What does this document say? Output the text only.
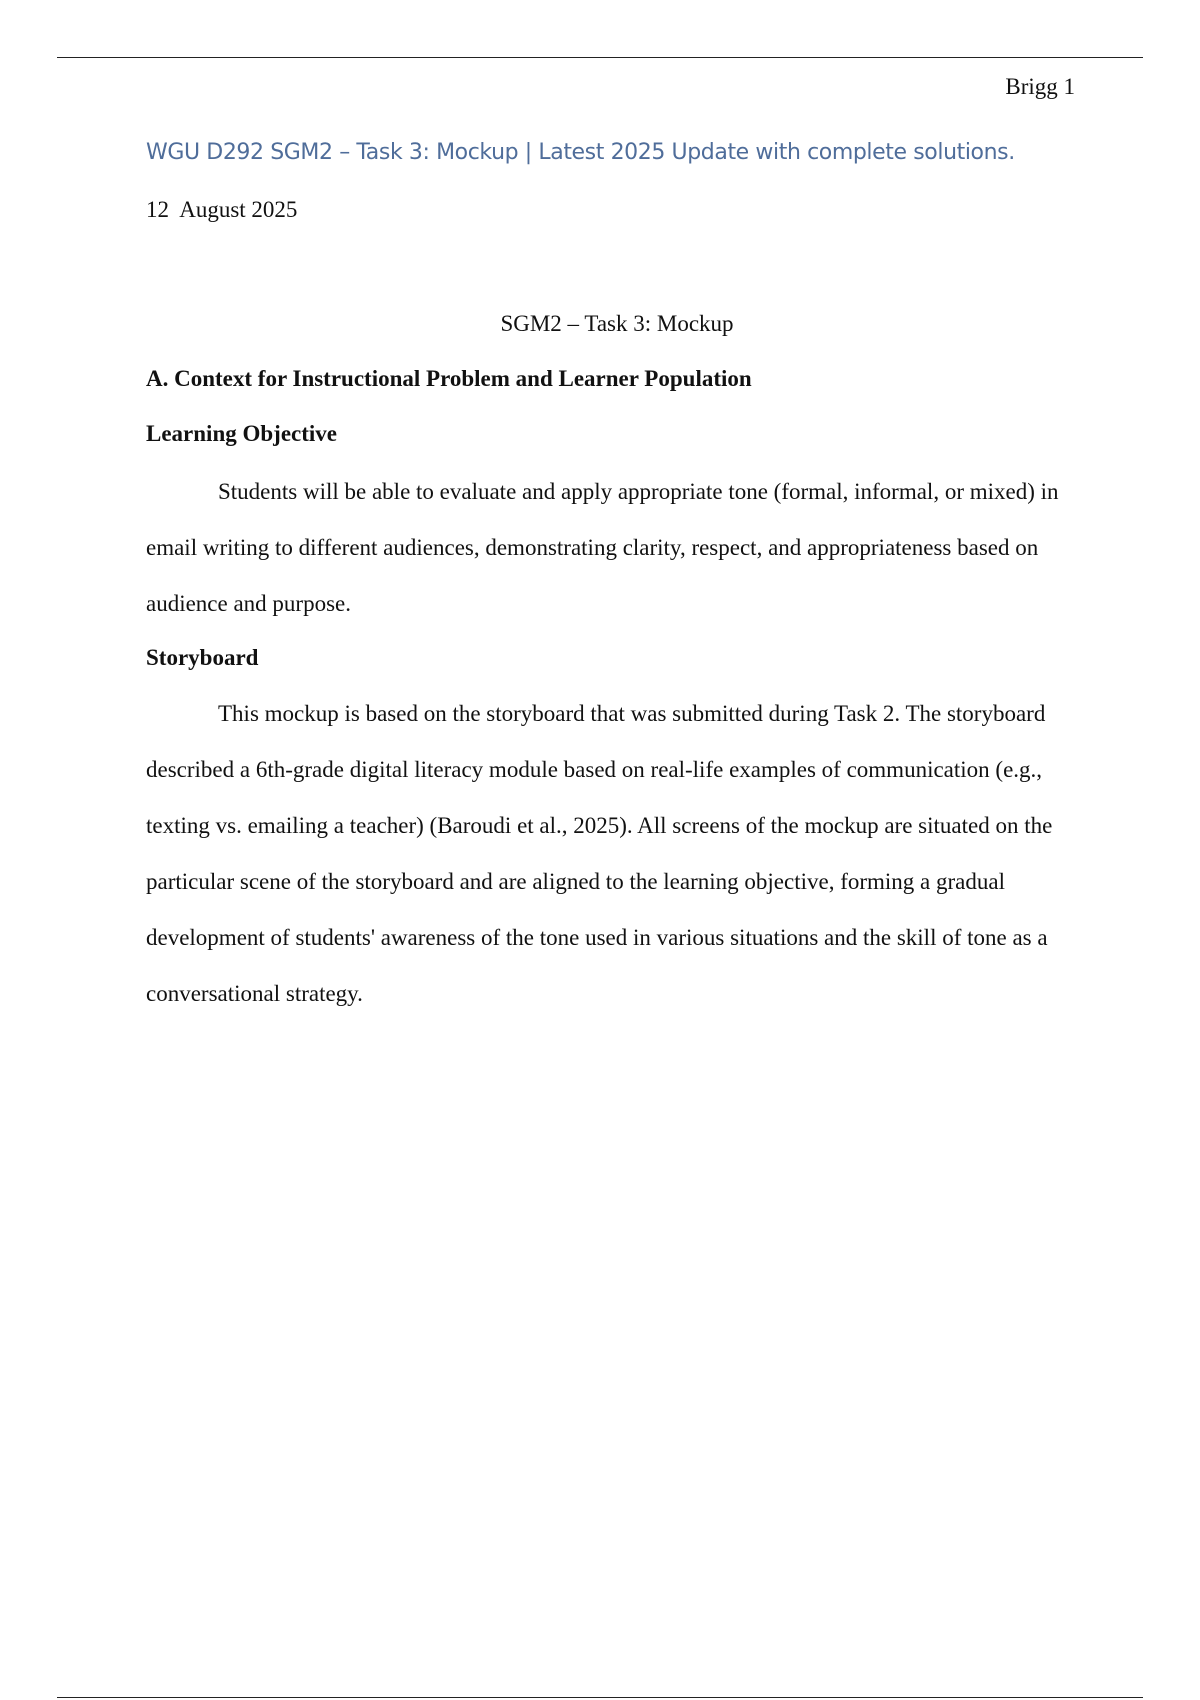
Brigg 1
WGU D292 SGM2 – Task 3: Mockup | Latest 2025 Update with complete solutions.
12  August 2025
SGM2 – Task 3: Mockup
A. Context for Instructional Problem and Learner Population
Learning Objective

Students will be able to evaluate and apply appropriate tone (formal, informal, or mixed) in email writing to different audiences, demonstrating clarity, respect, and appropriateness based on audience and purpose.

Storyboard

This mockup is based on the storyboard that was submitted during Task 2. The storyboard described a 6th-grade digital literacy module based on real-life examples of communication (e.g., texting vs. emailing a teacher) (Baroudi et al., 2025). All screens of the mockup are situated on the particular scene of the storyboard and are aligned to the learning objective, forming a gradual development of students' awareness of the tone used in various situations and the skill of tone as a conversational strategy.
